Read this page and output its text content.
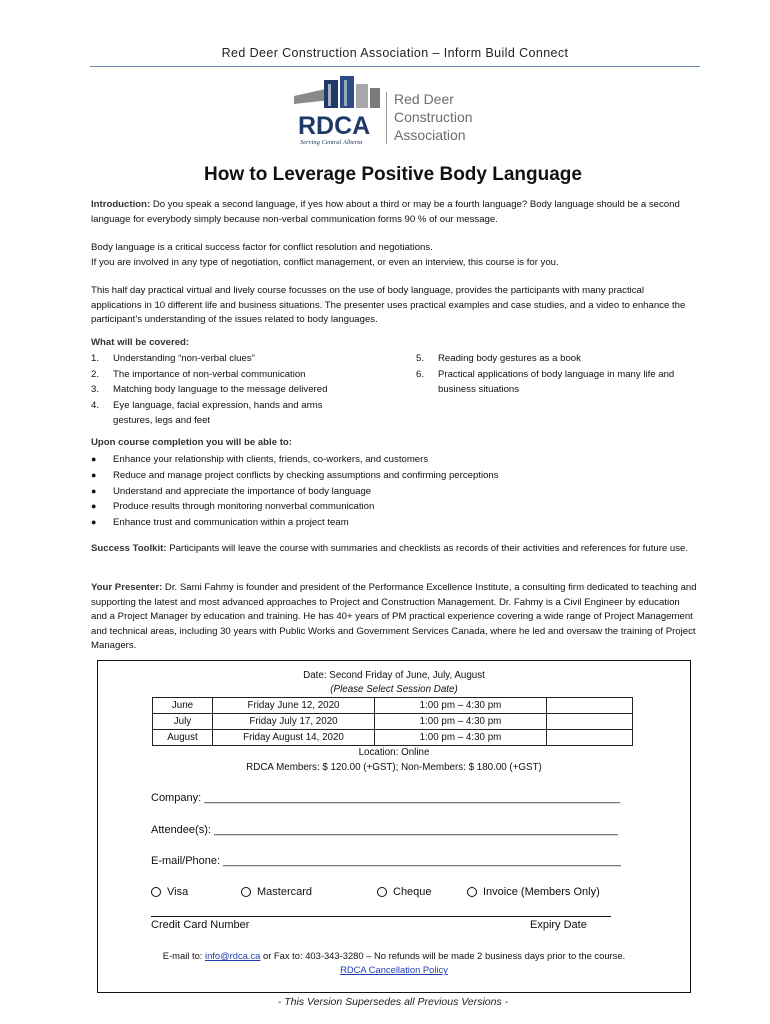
Red Deer Construction Association – Inform Build Connect
RDCA
Serving Central Alberta
Red Deer
Construction
Association
How to Leverage Positive Body Language
Introduction: Do you speak a second language, if yes how about a third or may be a fourth language? Body language should be a second language for everybody simply because non-verbal communication forms 90 % of our message.
Body language is a critical success factor for conflict resolution and negotiations.
If you are involved in any type of negotiation, conflict management, or even an interview, this course is for you.
This half day practical virtual and lively course focusses on the use of body language, provides the participants with many practical applications in 10 different life and business situations. The presenter uses practical examples and case studies, and a video to enhance the participant’s understanding of the issues related to body languages.
What will be covered:
1.	Understanding “non-verbal clues”
2.	The importance of non-verbal communication
3.	Matching body language to the message delivered
4.	Eye language, facial expression, hands and arms gestures, legs and feet
5.	Reading body gestures as a book
6.	Practical applications of body language in many life and business situations
Upon course completion you will be able to:
●	Enhance your relationship with clients, friends, co-workers, and customers
●	Reduce and manage project conflicts by checking assumptions and confirming perceptions
●	Understand and appreciate the importance of body language
●	Produce results through monitoring nonverbal communication
●	Enhance trust and communication within a project team
Success Toolkit: Participants will leave the course with summaries and checklists as records of their activities and references for future use.
Your Presenter: Dr. Sami Fahmy is founder and president of the Performance Excellence Institute, a consulting firm dedicated to teaching and supporting the latest and most advanced approaches to Project and Construction Management. Dr. Fahmy is a Civil Engineer by education and a Project Manager by education and training. He has 40+ years of PM practical experience covering a wide range of Project Management and technical areas, including 30 years with Public Works and Government Services Canada, where he led and oversaw the training of Project Managers.
Date: Second Friday of June, July, August
(Please Select Session Date)
June	Friday June 12, 2020	1:00 pm – 4:30 pm	
July	Friday July 17, 2020	1:00 pm – 4:30 pm	
August	Friday August 14, 2020	1:00 pm – 4:30 pm	
Location: Online
RDCA Members: $ 120.00 (+GST); Non-Members: $ 180.00 (+GST)
Company: ____________________________________________________________________
Attendee(s): __________________________________________________________________
E-mail/Phone: _________________________________________________________________
Visa	Mastercard	Cheque	Invoice (Members Only)
Credit Card Number	Expiry Date
E-mail to: info@rdca.ca or Fax to: 403-343-3280 – No refunds will be made 2 business days prior to the course.
RDCA Cancellation Policy
- This Version Supersedes all Previous Versions -
